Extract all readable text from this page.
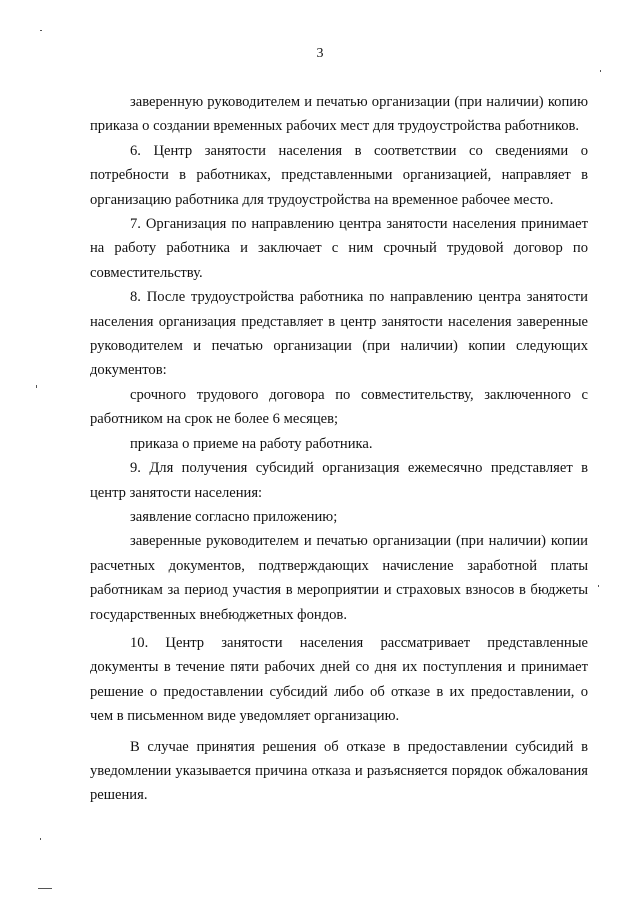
3

заверенную руководителем и печатью организации (при наличии) копию приказа о создании временных рабочих мест для трудоустройства работников.

6. Центр занятости населения в соответствии со сведениями о потребности в работниках, представленными организацией, направляет в организацию работника для трудоустройства на временное рабочее место.

7. Организация по направлению центра занятости населения принимает на работу работника и заключает с ним срочный трудовой договор по совместительству.

8. После трудоустройства работника по направлению центра занятости населения организация представляет в центр занятости населения заверенные руководителем и печатью организации (при наличии) копии следующих документов:

срочного трудового договора по совместительству, заключенного с работником на срок не более 6 месяцев;

приказа о приеме на работу работника.

9. Для получения субсидий организация ежемесячно представляет в центр занятости населения:

заявление согласно приложению;

заверенные руководителем и печатью организации (при наличии) копии расчетных документов, подтверждающих начисление заработной платы работникам за период участия в мероприятии и страховых взносов в бюджеты государственных внебюджетных фондов.

10. Центр занятости населения рассматривает представленные документы в течение пяти рабочих дней со дня их поступления и принимает решение о предоставлении субсидий либо об отказе в их предоставлении, о чем в письменном виде уведомляет организацию.

В случае принятия решения об отказе в предоставлении субсидий в уведомлении указывается причина отказа и разъясняется порядок обжалования решения.
